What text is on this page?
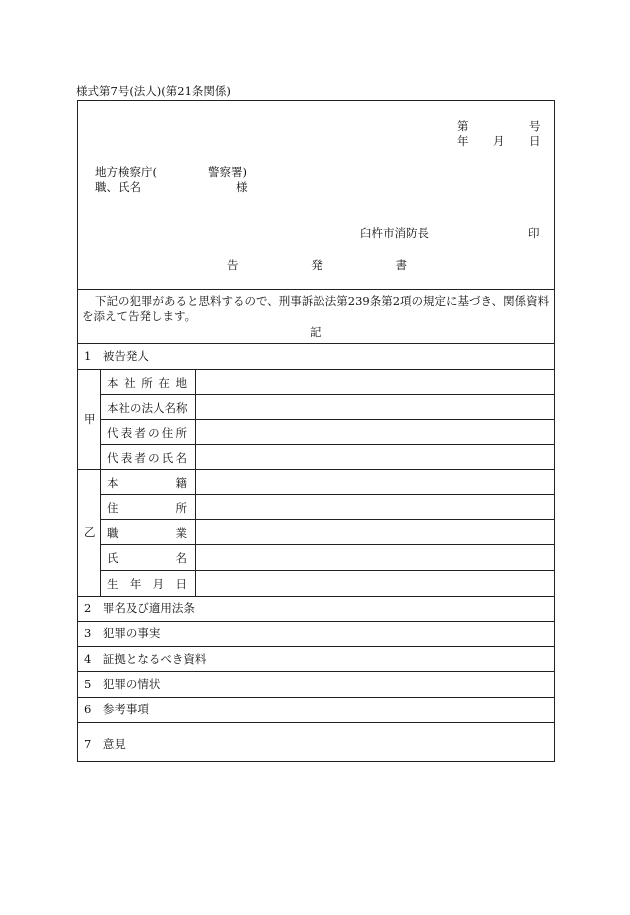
様式第7号(法人)(第21条関係)
第	号
年 月 日
地方検察庁(	警察署)
職、氏名	様
臼杵市消防長	印
告	発	書
下記の犯罪があると思料するので、刑事訴訟法第239条第2項の規定に基づき、関係資料
を添えて告発します。
記
1　被告発人
甲
本 社 所 在 地
本 社 の 法 人 名 称
代 表 者 の 住 所
代 表 者 の 氏 名
乙
本	籍
住	所
職	業
氏	名
生 年 月 日
2　罪名及び適用法条
3　犯罪の事実
4　証拠となるべき資料
5　犯罪の情状
6　参考事項
7　意見
